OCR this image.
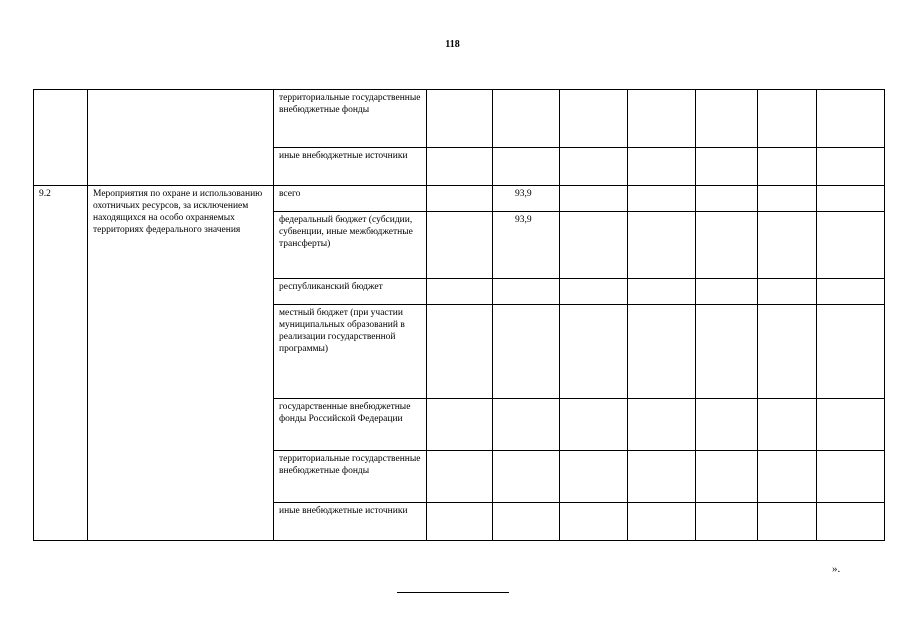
118
		территориальные государственные внебюджетные фонды							
		иные внебюджетные источники							
9.2	Мероприятия по охране и использованию охотничьих ресурсов, за исключением находящихся на особо охраняемых территориях федерального значения	всего		93,9					
		федеральный бюджет (субсидии, субвенции, иные межбюджетные трансферты)		93,9					
		республиканский бюджет							
		местный бюджет (при участии муниципальных образований в реализации государственной программы)							
		государственные внебюджетные фонды Российской Федерации							
		территориальные государственные внебюджетные фонды							
		иные внебюджетные источники							
».
